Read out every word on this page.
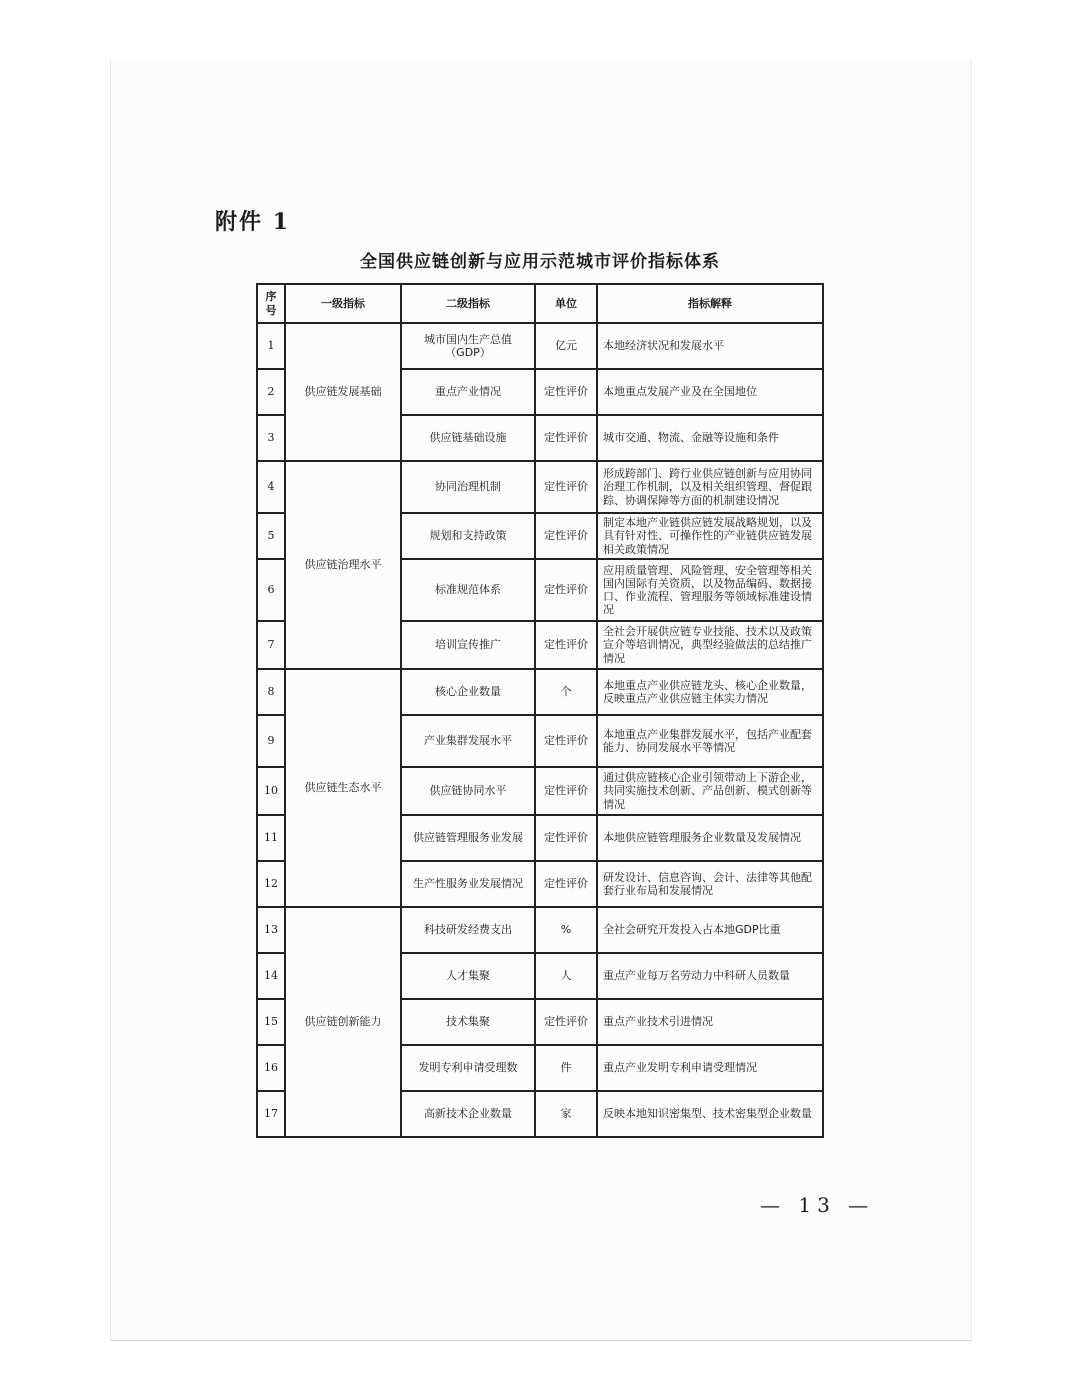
附件 1
全国供应链创新与应用示范城市评价指标体系
序号	一级指标	二级指标	单位	指标解释
1	供应链发展基础	城市国内生产总值（GDP）	亿元	本地经济状况和发展水平
2		重点产业情况	定性评价	本地重点发展产业及在全国地位
3		供应链基础设施	定性评价	城市交通、物流、金融等设施和条件
4	供应链治理水平	协同治理机制	定性评价	形成跨部门、跨行业供应链创新与应用协同治理工作机制，以及相关组织管理、督促跟踪、协调保障等方面的机制建设情况
5		规划和支持政策	定性评价	制定本地产业链供应链发展战略规划，以及具有针对性、可操作性的产业链供应链发展相关政策情况
6		标准规范体系	定性评价	应用质量管理、风险管理、安全管理等相关国内国际有关资质，以及物品编码、数据接口、作业流程、管理服务等领域标准建设情况
7		培训宣传推广	定性评价	全社会开展供应链专业技能、技术以及政策宣介等培训情况，典型经验做法的总结推广情况
8	供应链生态水平	核心企业数量	个	本地重点产业供应链龙头、核心企业数量，反映重点产业供应链主体实力情况
9		产业集群发展水平	定性评价	本地重点产业集群发展水平，包括产业配套能力、协同发展水平等情况
10		供应链协同水平	定性评价	通过供应链核心企业引领带动上下游企业，共同实施技术创新、产品创新、模式创新等情况
11		供应链管理服务业发展	定性评价	本地供应链管理服务企业数量及发展情况
12		生产性服务业发展情况	定性评价	研发设计、信息咨询、会计、法律等其他配套行业布局和发展情况
13	供应链创新能力	科技研发经费支出	%	全社会研究开发投入占本地GDP比重
14		人才集聚	人	重点产业每万名劳动力中科研人员数量
15		技术集聚	定性评价	重点产业技术引进情况
16		发明专利申请受理数	件	重点产业发明专利申请受理情况
17		高新技术企业数量	家	反映本地知识密集型、技术密集型企业数量
— 13 —
